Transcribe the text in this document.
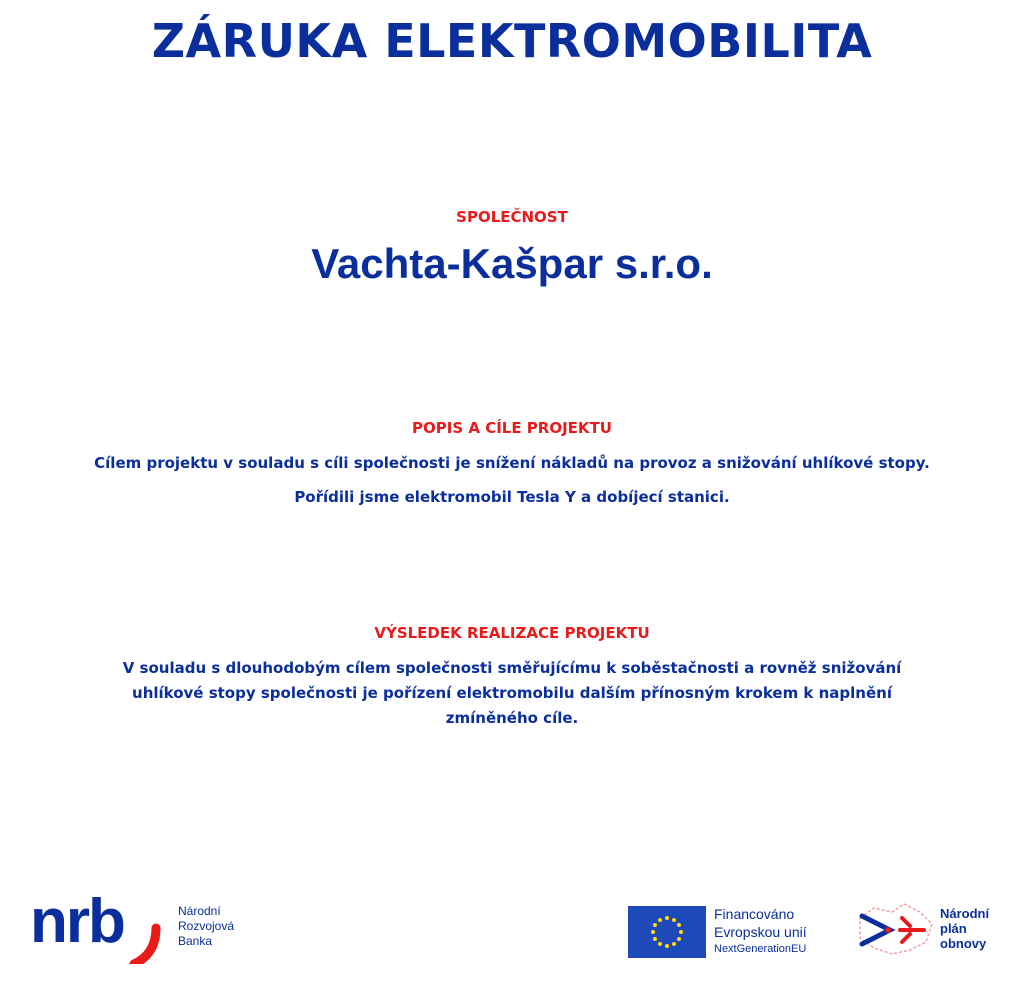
ZÁRUKA ELEKTROMOBILITA

SPOLEČNOST

Vachta-Kašpar s.r.o.

POPIS A CÍLE PROJEKTU

Cílem projektu v souladu s cíli společnosti je snížení nákladů na provoz a snižování uhlíkové stopy.

Pořídili jsme elektromobil Tesla Y a dobíjecí stanici.

VÝSLEDEK REALIZACE PROJEKTU

V souladu s dlouhodobým cílem společnosti směřujícímu k soběstačnosti a rovněž snižování uhlíkové stopy společnosti je pořízení elektromobilu dalším přínosným krokem k naplnění zmíněného cíle.

nrb	Národní
Rozvojová
Banka
Financováno
Evropskou unií
NextGenerationEU
Národní
plán
obnovy
